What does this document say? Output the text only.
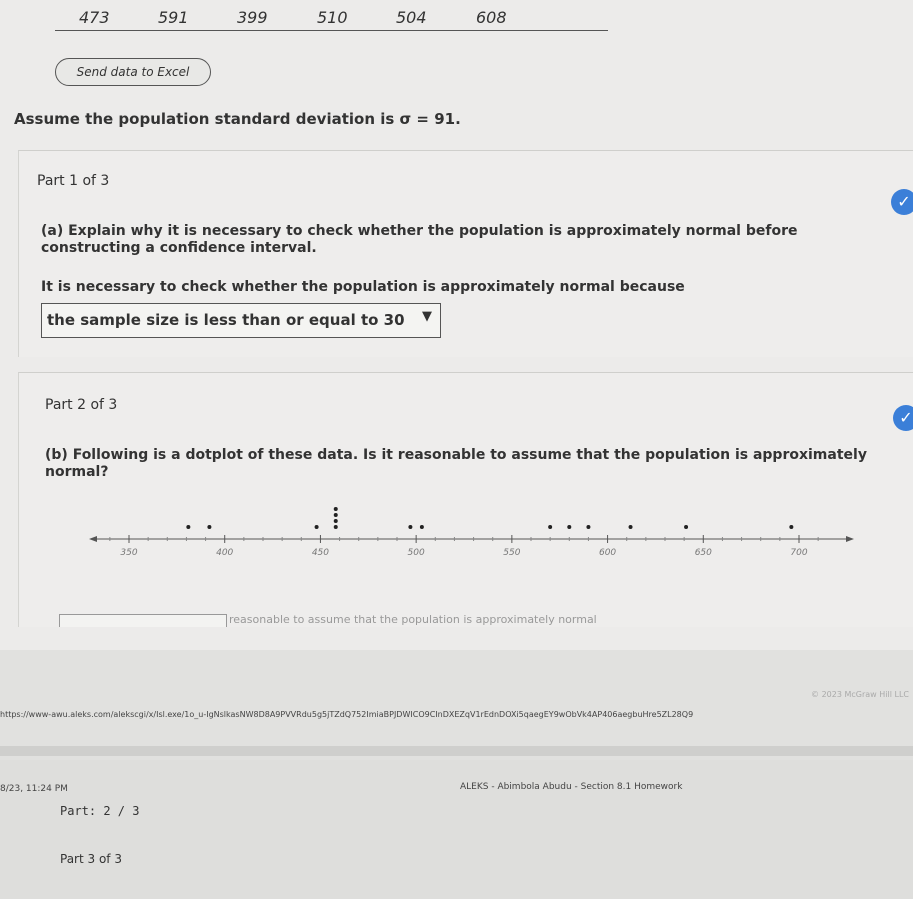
473	591	399	510	504	608
Send data to Excel
Assume the population standard deviation is σ = 91.
Part 1 of 3
✓
(a) Explain why it is necessary to check whether the population is approximately normal before constructing a confidence interval.
It is necessary to check whether the population is approximately normal because
the sample size is less than or equal to 30 ▼
Part 2 of 3
✓
(b) Following is a dotplot of these data. Is it reasonable to assume that the population is approximately normal?
350	400	450	500	550	600	650	700
reasonable to assume that the population is approximately normal
© 2023 McGraw Hill LLC
https://www-awu.aleks.com/alekscgi/x/Isl.exe/1o_u-IgNslkasNW8D8A9PVVRdu5g5jTZdQ752ImiaBPJDWICO9CInDXEZqV1rEdnDOXi5qaegEY9wObVk4AP406aegbuHre5ZL28Q9
8/23, 11:24 PM	ALEKS - Abimbola Abudu - Section 8.1 Homework
Part: 2 / 3
Part 3 of 3
